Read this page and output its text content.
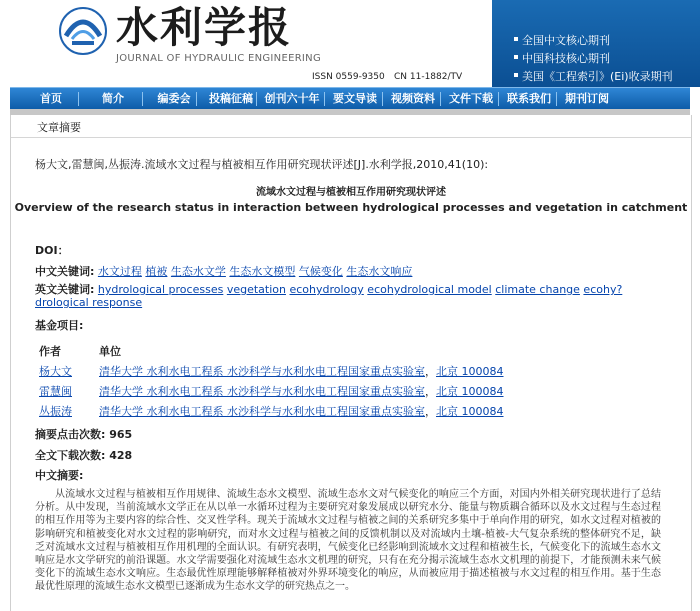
水利学报
JOURNAL OF HYDRAULIC ENGINEERING
ISSN 0559-9350 CN 11-1882/TV
全国中文核心期刊
中国科技核心期刊
美国《工程索引》(Ei)收录期刊
首页	简介	编委会	投稿征稿	创刊六十年	要文导读	视频资料	文件下载	联系我们	期刊订阅
文章摘要
杨大文,雷慧闽,丛振涛.流域水文过程与植被相互作用研究现状评述[J].水利学报,2010,41(10):
流域水文过程与植被相互作用研究现状评述
Overview of the research status in interaction between hydrological processes and vegetation in catchment
DOI：
中文关键词: 水文过程 植被 生态水文学 生态水文模型 气候变化 生态水文响应
英文关键词: hydrological processes vegetation ecohydrology ecohydrological model climate change ecohy? drological response
基金项目:
作者	单位
杨大文 清华大学 水利水电工程系 水沙科学与水利水电工程国家重点实验室，北京 100084
雷慧闽 清华大学 水利水电工程系 水沙科学与水利水电工程国家重点实验室，北京 100084
丛振涛 清华大学 水利水电工程系 水沙科学与水利水电工程国家重点实验室，北京 100084
摘要点击次数: 965
全文下载次数: 428
中文摘要:
从流域水文过程与植被相互作用规律、流域生态水文模型、流域生态水文对气候变化的响应三个方面，对国内外相关研究现状进行了总结分析。从中发现，当前流域水文学正在从以单一水循环过程为主要研究对象发展成以研究水分、能量与物质耦合循环以及水文过程与生态过程的相互作用等为主要内容的综合性、交叉性学科。现关于流域水文过程与植被之间的关系研究多集中于单向作用的研究，如水文过程对植被的影响研究和植被变化对水文过程的影响研究，而对水文过程与植被之间的反馈机制以及对流域内土壤-植被-大气复杂系统的整体研究不足，缺乏对流域水文过程与植被相互作用机理的全面认识。有研究表明，气候变化已经影响到流域水文过程和植被生长，气候变化下的流域生态水文响应是水文学研究的前沿课题。水文学需要强化对流域生态水文机理的研究，只有在充分揭示流域生态水文机理的前提下，才能预测未来气候变化下的流域生态水文响应。生态最优性原理能够解释植被对外界环境变化的响应，从而被应用于描述植被与水文过程的相互作用。基于生态最优性原理的流域生态水文模型已逐渐成为生态水文学的研究热点之一。
